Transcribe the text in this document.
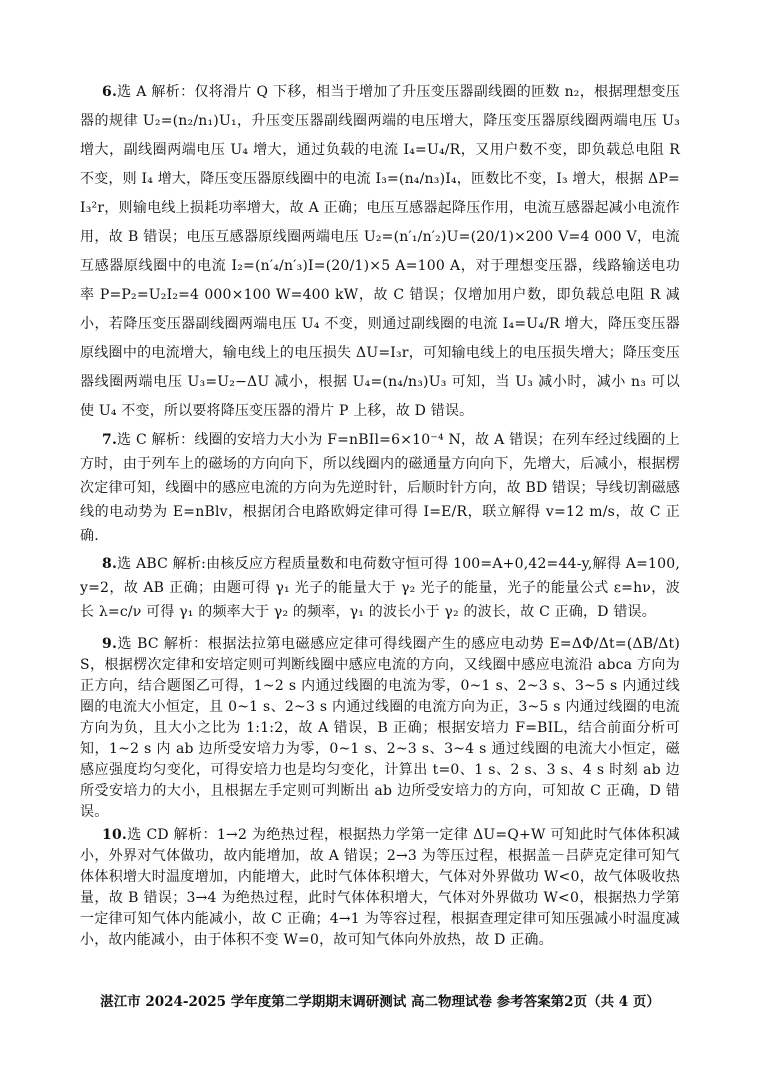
6.选 A 解析：仅将滑片 Q 下移，相当于增加了升压变压器副线圈的匝数 n₂，根据理想变压器的规律 U₂=(n₂/n₁)U₁，升压变压器副线圈两端的电压增大，降压变压器原线圈两端电压 U₃ 增大，副线圈两端电压 U₄ 增大，通过负载的电流 I₄=U₄/R，又用户数不变，即负载总电阻 R 不变，则 I₄ 增大，降压变压器原线圈中的电流 I₃=(n₄/n₃)I₄，匝数比不变，I₃ 增大，根据 ΔP=I₃²r，则输电线上损耗功率增大，故 A 正确；电压互感器起降压作用，电流互感器起减小电流作用，故 B 错误；电压互感器原线圈两端电压 U₂=(n′₁/n′₂)U=(20/1)×200 V=4 000 V，电流互感器原线圈中的电流 I₂=(n′₄/n′₃)I=(20/1)×5 A=100 A，对于理想变压器，线路输送电功率 P=P₂=U₂I₂=4 000×100 W=400 kW，故 C 错误；仅增加用户数，即负载总电阻 R 减小，若降压变压器副线圈两端电压 U₄ 不变，则通过副线圈的电流 I₄=U₄/R 增大，降压变压器原线圈中的电流增大，输电线上的电压损失 ΔU=I₃r，可知输电线上的电压损失增大；降压变压器线圈两端电压 U₃=U₂−ΔU 减小，根据 U₄=(n₄/n₃)U₃ 可知，当 U₃ 减小时，减小 n₃ 可以使 U₄ 不变，所以要将降压变压器的滑片 P 上移，故 D 错误。

7.选 C 解析：线圈的安培力大小为 F=nBIl=6×10⁻⁴ N，故 A 错误；在列车经过线圈的上方时，由于列车上的磁场的方向向下，所以线圈内的磁通量方向向下，先增大，后减小，根据楞次定律可知，线圈中的感应电流的方向为先逆时针，后顺时针方向，故 BD 错误；导线切割磁感线的电动势为 E=nBlv，根据闭合电路欧姆定律可得 I=E/R，联立解得 v=12 m/s，故 C 正确.

8.选 ABC 解析:由核反应方程质量数和电荷数守恒可得 100=A+0,42=44-y,解得 A=100, y=2，故 AB 正确；由题可得 γ₁ 光子的能量大于 γ₂ 光子的能量，光子的能量公式 ε=hν，波长 λ=c/ν 可得 γ₁ 的频率大于 γ₂ 的频率，γ₁ 的波长小于 γ₂ 的波长，故 C 正确，D 错误。

9.选 BC 解析：根据法拉第电磁感应定律可得线圈产生的感应电动势 E=ΔΦ/Δt=(ΔB/Δt)S，根据楞次定律和安培定则可判断线圈中感应电流的方向，又线圈中感应电流沿 abca 方向为正方向，结合题图乙可得，1~2 s 内通过线圈的电流为零，0~1 s、2~3 s、3~5 s 内通过线圈的电流大小恒定，且 0~1 s、2~3 s 内通过线圈的电流方向为正，3~5 s 内通过线圈的电流方向为负，且大小之比为 1:1:2，故 A 错误，B 正确；根据安培力 F=BIL，结合前面分析可知，1~2 s 内 ab 边所受安培力为零，0~1 s、2~3 s、3~4 s 通过线圈的电流大小恒定，磁感应强度均匀变化，可得安培力也是均匀变化，计算出 t=0、1 s、2 s、3 s、4 s 时刻 ab 边所受安培力的大小，且根据左手定则可判断出 ab 边所受安培力的方向，可知故 C 正确，D 错误。

10.选 CD 解析：1→2 为绝热过程，根据热力学第一定律 ΔU=Q+W 可知此时气体体积减小，外界对气体做功，故内能增加，故 A 错误；2→3 为等压过程，根据盖－吕萨克定律可知气体体积增大时温度增加，内能增大，此时气体体积增大，气体对外界做功 W<0，故气体吸收热量，故 B 错误；3→4 为绝热过程，此时气体体积增大，气体对外界做功 W<0，根据热力学第一定律可知气体内能减小，故 C 正确；4→1 为等容过程，根据查理定律可知压强减小时温度减小，故内能减小，由于体积不变 W=0，故可知气体向外放热，故 D 正确。

湛江市 2024-2025 学年度第二学期期末调研测试 高二物理试卷 参考答案第2页（共 4 页）
